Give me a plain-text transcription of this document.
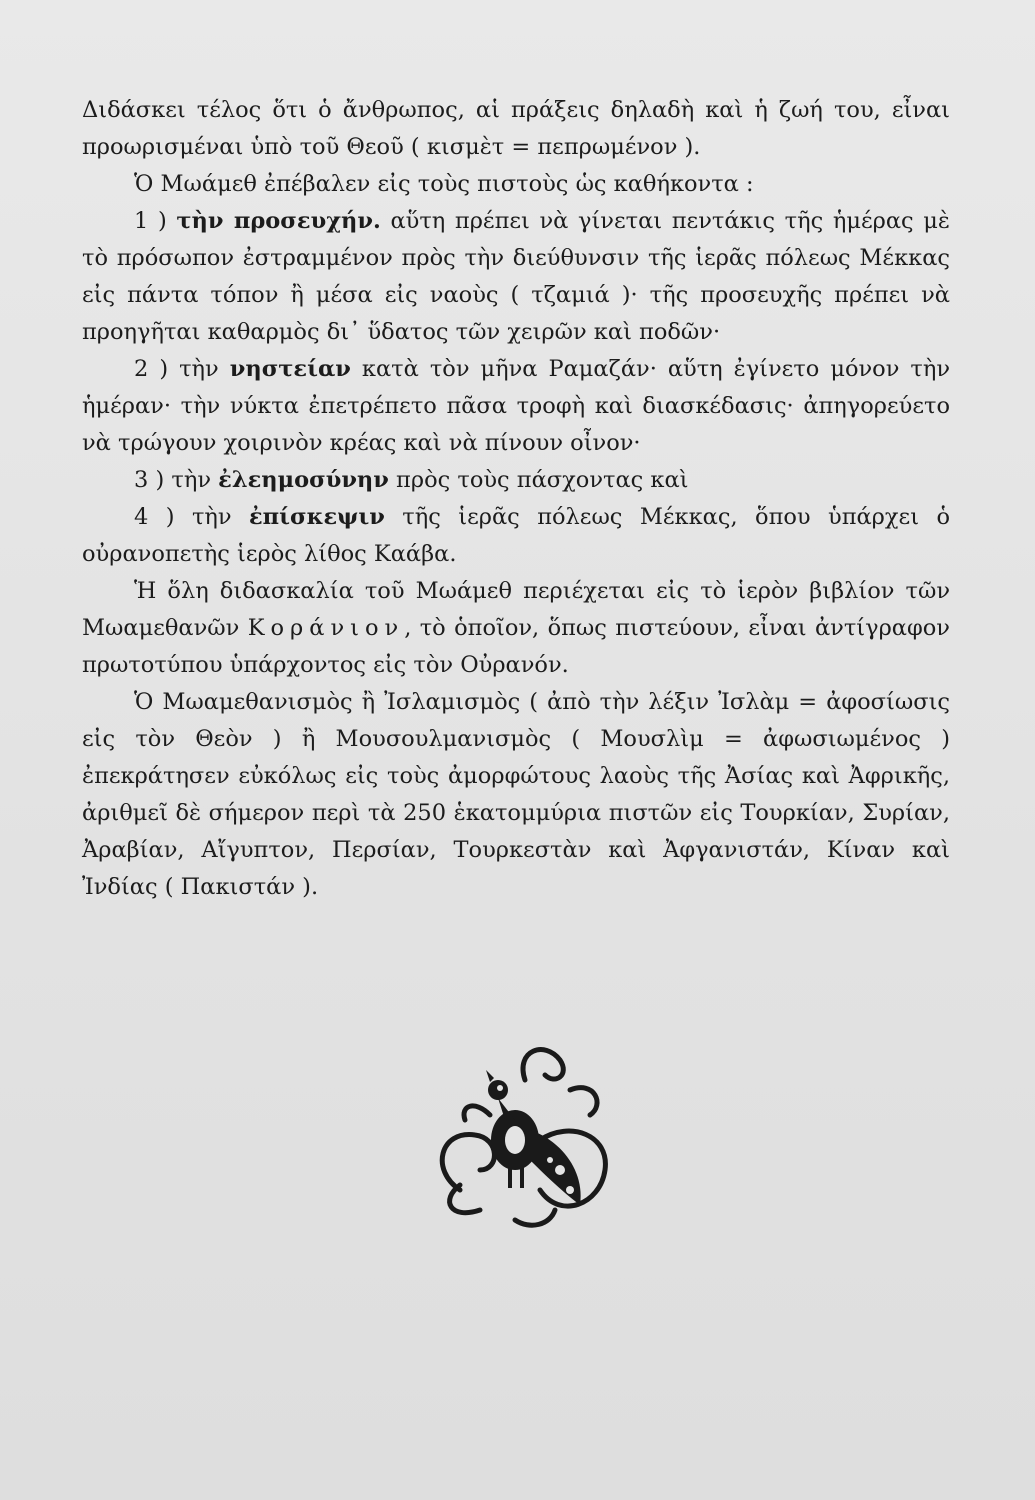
Διδάσκει τέλος ὅτι ὁ ἄνθρωπος, αἱ πράξεις δηλαδὴ καὶ ἡ ζωή του, εἶναι προωρισμέναι ὑπὸ τοῦ Θεοῦ ( κισμὲτ = πεπρωμένον ).

Ὁ Μωάμεθ ἐπέβαλεν εἰς τοὺς πιστοὺς ὡς καθήκοντα :

1 ) τὴν προσευχήν. αὕτη πρέπει νὰ γίνεται πεντάκις τῆς ἡμέρας μὲ τὸ πρόσωπον ἐστραμμένον πρὸς τὴν διεύθυνσιν τῆς ἱερᾶς πόλεως Μέκκας εἰς πάντα τόπον ἢ μέσα εἰς ναοὺς ( τζαμιά )· τῆς προσευχῆς πρέπει νὰ προηγῆται καθαρμὸς δι᾽ ὕδατος τῶν χειρῶν καὶ ποδῶν·

2 ) τὴν νηστείαν κατὰ τὸν μῆνα Ραμαζάν· αὕτη ἐγίνετο μόνον τὴν ἡμέραν· τὴν νύκτα ἐπετρέπετο πᾶσα τροφὴ καὶ διασκέδασις· ἀπηγορεύετο νὰ τρώγουν χοιρινὸν κρέας καὶ νὰ πίνουν οἶνον·

3 ) τὴν ἐλεημοσύνην πρὸς τοὺς πάσχοντας καὶ

4 ) τὴν ἐπίσκεψιν τῆς ἱερᾶς πόλεως Μέκκας, ὅπου ὑπάρχει ὁ οὐρανοπετὴς ἱερὸς λίθος Καάβα.

Ἡ ὅλη διδασκαλία τοῦ Μωάμεθ περιέχεται εἰς τὸ ἱερὸν βιβλίον τῶν Μωαμεθανῶν Κοράνιον, τὸ ὁποῖον, ὅπως πιστεύουν, εἶναι ἀντίγραφον πρωτοτύπου ὑπάρχοντος εἰς τὸν Οὐρανόν.

Ὁ Μωαμεθανισμὸς ἢ Ἰσλαμισμὸς ( ἀπὸ τὴν λέξιν Ἰσλὰμ = ἀφοσίωσις εἰς τὸν Θεὸν ) ἢ Μουσουλμανισμὸς ( Μουσλὶμ = ἀφωσιωμένος ) ἐπεκράτησεν εὐκόλως εἰς τοὺς ἀμορφώτους λαοὺς τῆς Ἀσίας καὶ Ἀφρικῆς, ἀριθμεῖ δὲ σήμερον περὶ τὰ 250 ἑκατομμύρια πιστῶν εἰς Τουρκίαν, Συρίαν, Ἀραβίαν, Αἴγυπτον, Περσίαν, Τουρκεστὰν καὶ Ἀφγανιστάν, Κίναν καὶ Ἰνδίας ( Πακιστάν ).
